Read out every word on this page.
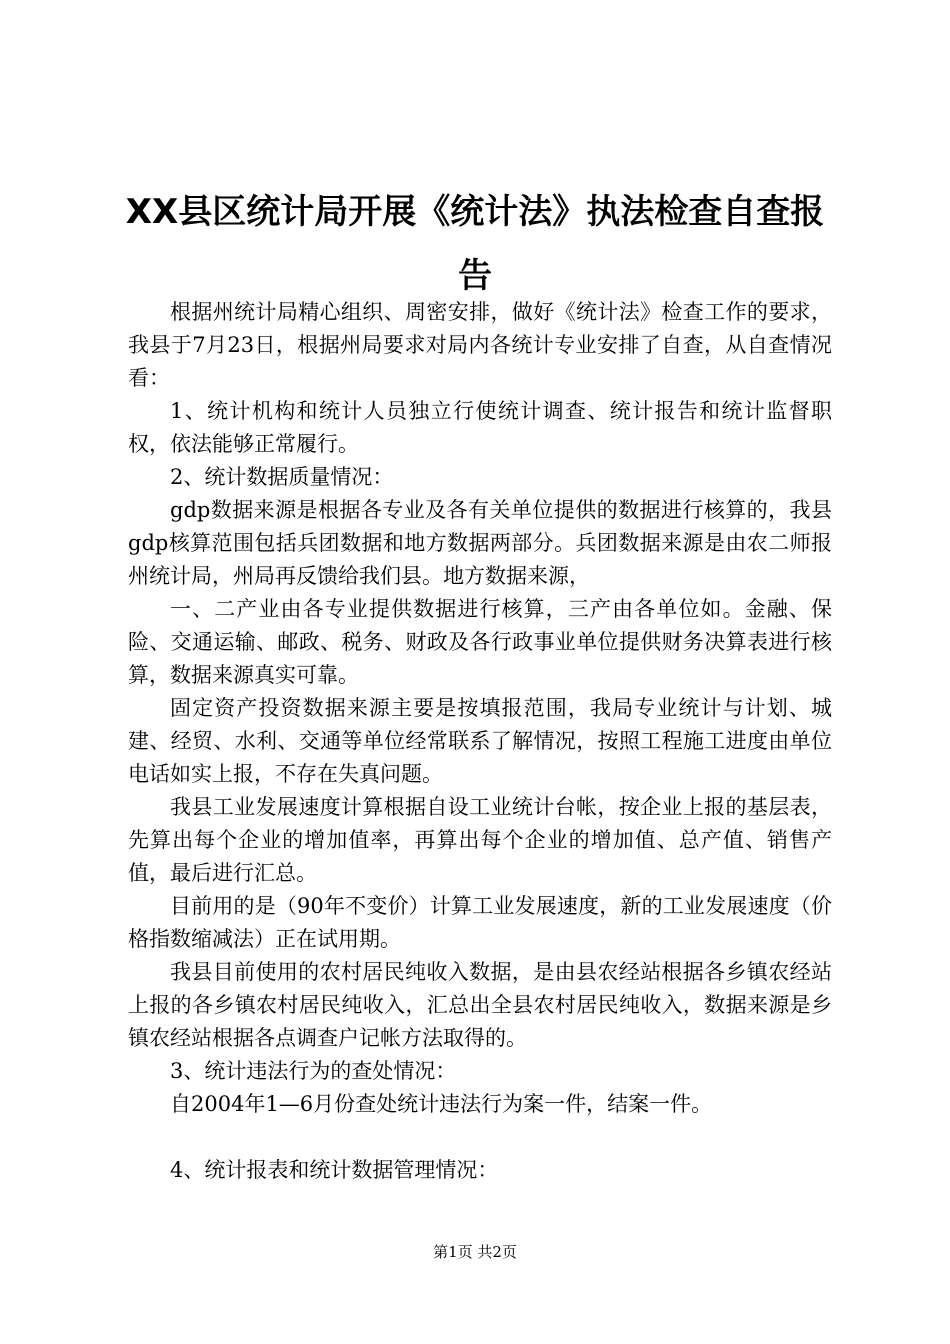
XX县区统计局开展《统计法》执法检查自查报告

根据州统计局精心组织、周密安排，做好《统计法》检查工作的要求，我县于7月23日，根据州局要求对局内各统计专业安排了自查，从自查情况看：

1、统计机构和统计人员独立行使统计调查、统计报告和统计监督职权，依法能够正常履行。

2、统计数据质量情况：

gdp数据来源是根据各专业及各有关单位提供的数据进行核算的，我县gdp核算范围包括兵团数据和地方数据两部分。兵团数据来源是由农二师报州统计局，州局再反馈给我们县。地方数据来源，

一、二产业由各专业提供数据进行核算，三产由各单位如。金融、保险、交通运输、邮政、税务、财政及各行政事业单位提供财务决算表进行核算，数据来源真实可靠。

固定资产投资数据来源主要是按填报范围，我局专业统计与计划、城建、经贸、水利、交通等单位经常联系了解情况，按照工程施工进度由单位电话如实上报，不存在失真问题。

我县工业发展速度计算根据自设工业统计台帐，按企业上报的基层表，先算出每个企业的增加值率，再算出每个企业的增加值、总产值、销售产值，最后进行汇总。

目前用的是（90年不变价）计算工业发展速度，新的工业发展速度（价格指数缩减法）正在试用期。

我县目前使用的农村居民纯收入数据，是由县农经站根据各乡镇农经站上报的各乡镇农村居民纯收入，汇总出全县农村居民纯收入，数据来源是乡镇农经站根据各点调查户记帐方法取得的。

3、统计违法行为的查处情况：

自2004年1—6月份查处统计违法行为案一件，结案一件。

4、统计报表和统计数据管理情况：

第1页 共2页
